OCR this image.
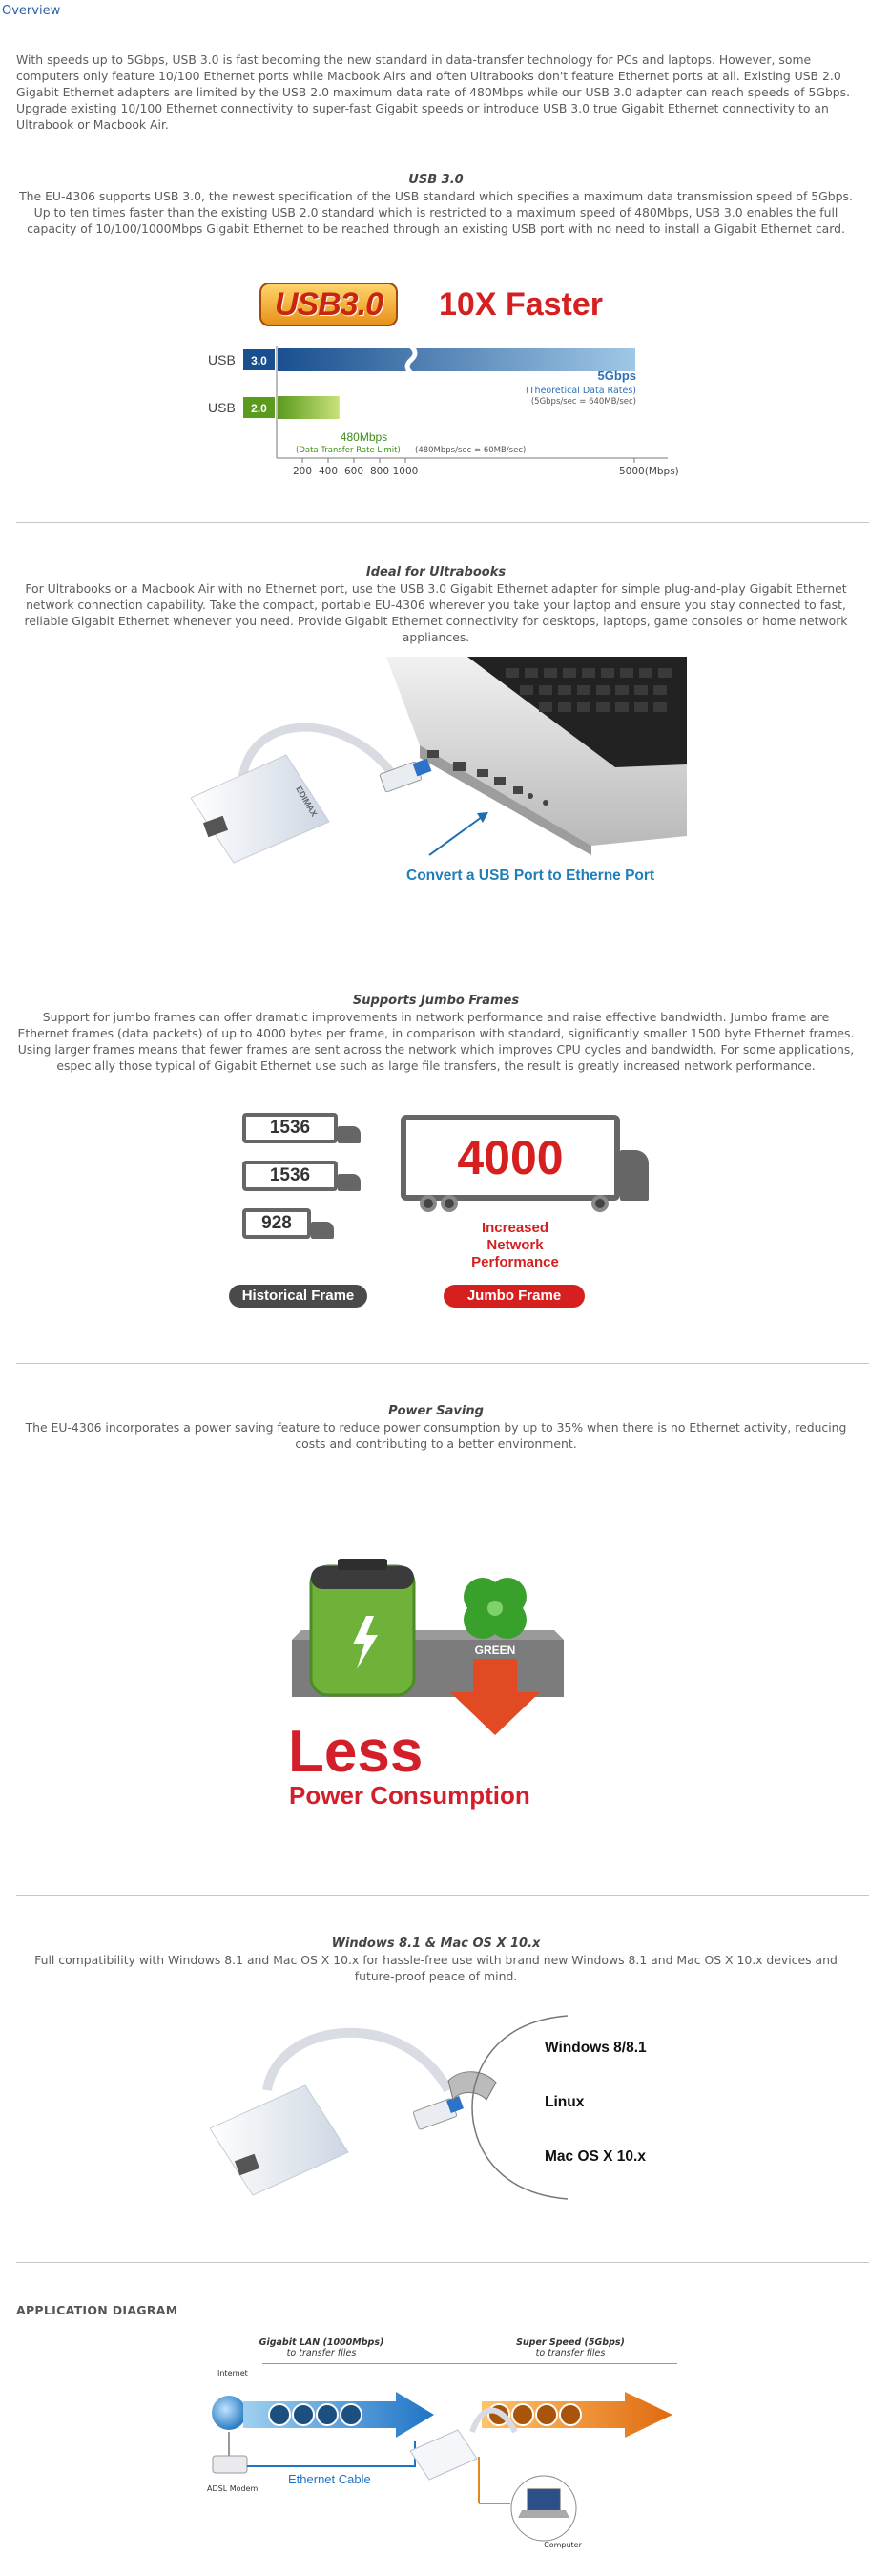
Overview

With speeds up to 5Gbps, USB 3.0 is fast becoming the new standard in data-transfer technology for PCs and laptops. However, some computers only feature 10/100 Ethernet ports while Macbook Airs and often Ultrabooks don't feature Ethernet ports at all. Existing USB 2.0 Gigabit Ethernet adapters are limited by the USB 2.0 maximum data rate of 480Mbps while our USB 3.0 adapter can reach speeds of 5Gbps. Upgrade existing 10/100 Ethernet connectivity to super-fast Gigabit speeds or introduce USB 3.0 true Gigabit Ethernet connectivity to an Ultrabook or Macbook Air.

USB 3.0

The EU-4306 supports USB 3.0, the newest specification of the USB standard which specifies a maximum data transmission speed of 5Gbps. Up to ten times faster than the existing USB 2.0 standard which is restricted to a maximum speed of 480Mbps, USB 3.0 enables the full capacity of 10/100/1000Mbps Gigabit Ethernet to be reached through an existing USB port with no need to install a Gigabit Ethernet card.

USB3.0	10X Faster
USB 3.0
USB 2.0
5Gbps
(Theoretical Data Rates)
(5Gbps/sec = 640MB/sec)
480Mbps
(Data Transfer Rate Limit) (480Mbps/sec = 60MB/sec)
200 400 600 800 1000	5000(Mbps)
Ideal for Ultrabooks

For Ultrabooks or a Macbook Air with no Ethernet port, use the USB 3.0 Gigabit Ethernet adapter for simple plug-and-play Gigabit Ethernet network connection capability. Take the compact, portable EU-4306 wherever you take your laptop and ensure you stay connected to fast, reliable Gigabit Ethernet whenever you need. Provide Gigabit Ethernet connectivity for desktops, laptops, game consoles or home network appliances.

EDIMAX
Convert a USB Port to Etherne Port
Supports Jumbo Frames

Support for jumbo frames can offer dramatic improvements in network performance and raise effective bandwidth. Jumbo frame are Ethernet frames (data packets) of up to 4000 bytes per frame, in comparison with standard, significantly smaller 1500 byte Ethernet frames. Using larger frames means that fewer frames are sent across the network which improves CPU cycles and bandwidth. For some applications, especially those typical of Gigabit Ethernet use such as large file transfers, the result is greatly increased network performance.

1536
1536
928
Historical Frame
4000
Increased
Network
Performance
Jumbo Frame
Power Saving

The EU-4306 incorporates a power saving feature to reduce power consumption by up to 35% when there is no Ethernet activity, reducing costs and contributing to a better environment.

GREEN
Less
Power Consumption
Windows 8.1 & Mac OS X 10.x

Full compatibility with Windows 8.1 and Mac OS X 10.x for hassle-free use with brand new Windows 8.1 and Mac OS X 10.x devices and future-proof peace of mind.

Windows 8/8.1
Linux
Mac OS X 10.x
APPLICATION DIAGRAM
Gigabit LAN (1000Mbps)
to transfer files
Super Speed (5Gbps)
to transfer files
Internet
ADSL Modem
Ethernet Cable
Computer
